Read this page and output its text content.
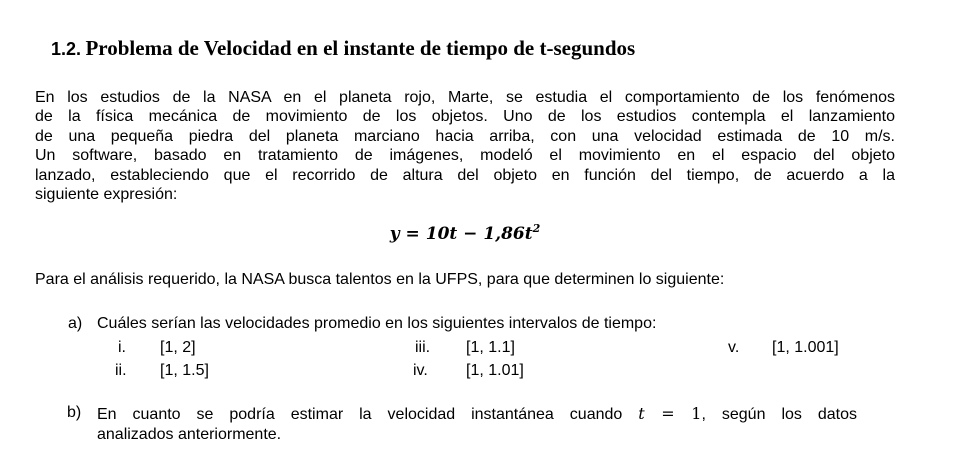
1.2. Problema de Velocidad en el instante de tiempo de t-segundos
En los estudios de la NASA en el planeta rojo, Marte, se estudia el comportamiento de los fenómenos
de la física mecánica de movimiento de los objetos. Uno de los estudios contempla el lanzamiento
de una pequeña piedra del planeta marciano hacia arriba, con una velocidad estimada de 10 m/s.
Un software, basado en tratamiento de imágenes, modeló el movimiento en el espacio del objeto
lanzado, estableciendo que el recorrido de altura del objeto en función del tiempo, de acuerdo a la
siguiente expresión:
$y = 10t - 1,86t^2$
Para el análisis requerido, la NASA busca talentos en la UFPS, para que determinen lo siguiente:
a) Cuáles serían las velocidades promedio en los siguientes intervalos de tiempo:
i. [1, 2]
ii. [1, 1.5]
iii. [1, 1.1]
iv. [1, 1.01]
v. [1, 1.001]
b) En cuanto se podría estimar la velocidad instantánea cuando t = 1, según los datos
analizados anteriormente.
